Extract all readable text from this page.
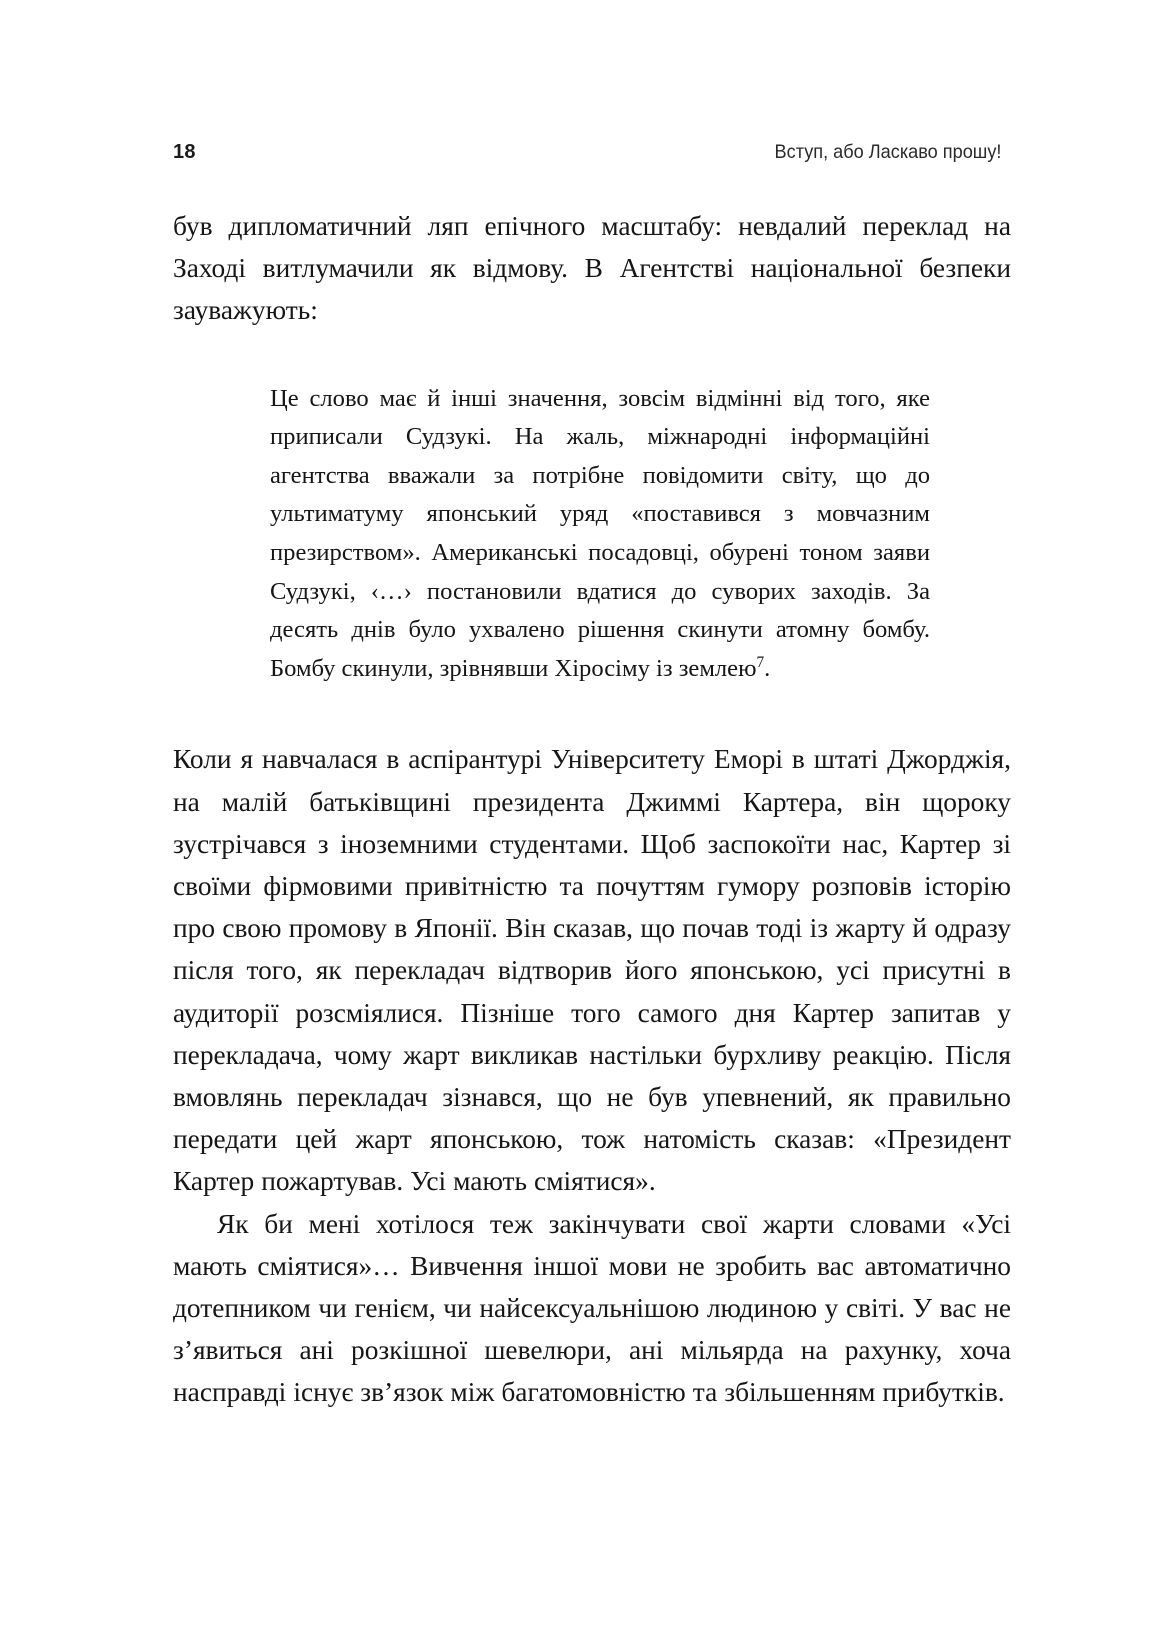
18	Вступ, або Ласкаво прошу!

був дипломатичний ляп епічного масштабу: невдалий переклад на Заході витлумачили як відмову. В Агентстві національної безпеки зауважують:

Це слово має й інші значення, зовсім відмінні від того, яке приписали Судзукі. На жаль, міжнародні інформаційні агентства вважали за потрібне повідомити світу, що до ультиматуму японський уряд «поставився з мовчазним презирством». Американські посадовці, обурені тоном заяви Судзукі, ‹…› постановили вдатися до суворих заходів. За десять днів було ухвалено рішення скинути атомну бомбу. Бомбу скинули, зрівнявши Хіросіму із землею$^7$.

Коли я навчалася в аспірантурі Університету Еморі в штаті Джорджія, на малій батьківщині президента Джиммі Картера, він щороку зустрічався з іноземними студентами. Щоб заспокоїти нас, Картер зі своїми фірмовими привітністю та почуттям гумору розповів історію про свою промову в Японії. Він сказав, що почав тоді із жарту й одразу після того, як перекладач відтворив його японською, усі присутні в аудиторії розсміялися. Пізніше того самого дня Картер запитав у перекладача, чому жарт викликав настільки бурхливу реакцію. Після вмовлянь перекладач зізнався, що не був упевнений, як правильно передати цей жарт японською, тож натомість сказав: «Президент Картер пожартував. Усі мають сміятися».

Як би мені хотілося теж закінчувати свої жарти словами «Усі мають сміятися»… Вивчення іншої мови не зробить вас автоматично дотепником чи генієм, чи найсексуальнішою людиною у світі. У вас не з’явиться ані розкішної шевелюри, ані мільярда на рахунку, хоча насправді існує зв’язок між багатомовністю та збільшенням прибутків.
